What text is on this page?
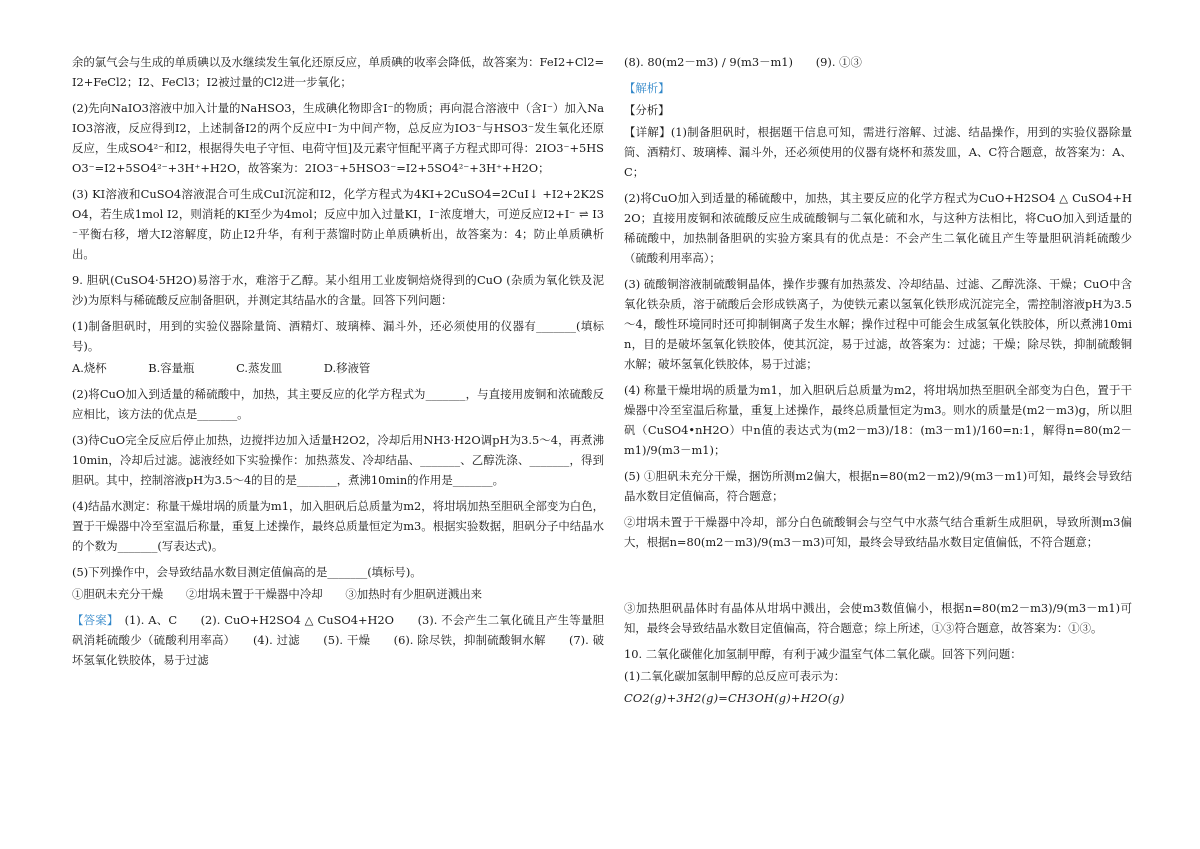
余的氯气会与生成的单质碘以及水继续发生氧化还原反应，单质碘的收率会降低，故答案为：FeI2+Cl2= I2+FeCl2；I2、FeCl3；I2被过量的Cl2进一步氧化；

(2)先向NaIO3溶液中加入计量的NaHSO3，生成碘化物即含I⁻的物质；再向混合溶液中（含I⁻）加入NaIO3溶液，反应得到I2，上述制备I2的两个反应中I⁻为中间产物，总反应为IO3⁻与HSO3⁻发生氧化还原反应，生成SO4²⁻和I2，根据得失电子守恒、电荷守恒]及元素守恒配平离子方程式即可得：2IO3⁻+5HSO3⁻=I2+5SO4²⁻+3H⁺+H2O，故答案为：2IO3⁻+5HSO3⁻=I2+5SO4²⁻+3H⁺+H2O；

(3) KI溶液和CuSO4溶液混合可生成CuI沉淀和I2，化学方程式为4KI+2CuSO4=2CuI↓ +I2+2K2SO4，若生成1mol I2，则消耗的KI至少为4mol；反应中加入过量KI，I⁻浓度增大，可逆反应I2+I⁻ ⇌ I3⁻平衡右移，增大I2溶解度，防止I2升华，有利于蒸馏时防止单质碘析出，故答案为：4；防止单质碘析出。

9. 胆矾(CuSO4·5H2O)易溶于水，难溶于乙醇。某小组用工业废铜焙烧得到的CuO (杂质为氧化铁及泥沙)为原料与稀硫酸反应制备胆矾，并测定其结晶水的含量。回答下列问题：

(1)制备胆矾时，用到的实验仪器除量筒、酒精灯、玻璃棒、漏斗外，还必须使用的仪器有_______(填标号)。

A.烧杯	B.容量瓶	C.蒸发皿	D.移液管

(2)将CuO加入到适量的稀硫酸中，加热，其主要反应的化学方程式为_______，与直接用废铜和浓硫酸反应相比，该方法的优点是_______。

(3)待CuO完全反应后停止加热，边搅拌边加入适量H2O2，冷却后用NH3·H2O调pH为3.5～4，再煮沸10min，冷却后过滤。滤液经如下实验操作：加热蒸发、冷却结晶、_______、乙醇洗涤、_______，得到胆矾。其中，控制溶液pH为3.5～4的目的是_______，煮沸10min的作用是_______。

(4)结晶水测定：称量干燥坩埚的质量为m1，加入胆矾后总质量为m2，将坩埚加热至胆矾全部变为白色，置于干燥器中冷至室温后称量，重复上述操作，最终总质量恒定为m3。根据实验数据，胆矾分子中结晶水的个数为_______(写表达式)。

(5)下列操作中，会导致结晶水数目测定值偏高的是_______(填标号)。

①胆矾未充分干燥　　②坩埚未置于干燥器中冷却　　③加热时有少胆矾迸溅出来

【答案】 (1). A、C　　(2). CuO+H2SO4 △ CuSO4+H2O　　(3). 不会产生二氧化硫且产生等量胆矾消耗硫酸少（硫酸利用率高）　　(4). 过滤　　(5). 干燥　　(6). 除尽铁，抑制硫酸铜水解　　(7). 破坏氢氧化铁胶体，易于过滤

(8). 80(m2－m3) / 9(m3－m1)　　(9). ①③

【解析】

【分析】

【详解】(1)制备胆矾时，根据题干信息可知，需进行溶解、过滤、结晶操作，用到的实验仪器除量筒、酒精灯、玻璃棒、漏斗外，还必须使用的仪器有烧杯和蒸发皿，A、C符合题意，故答案为：A、C；

(2)将CuO加入到适量的稀硫酸中，加热，其主要反应的化学方程式为CuO+H2SO4 △ CuSO4+H2O；直接用废铜和浓硫酸反应生成硫酸铜与二氧化硫和水，与这种方法相比，将CuO加入到适量的稀硫酸中，加热制备胆矾的实验方案具有的优点是：不会产生二氧化硫且产生等量胆矾消耗硫酸少（硫酸利用率高）；

(3) 硫酸铜溶液制硫酸铜晶体，操作步骤有加热蒸发、冷却结晶、过滤、乙醇洗涤、干燥；CuO中含氧化铁杂质，溶于硫酸后会形成铁离子，为使铁元素以氢氧化铁形成沉淀完全，需控制溶液pH为3.5～4，酸性环境同时还可抑制铜离子发生水解；操作过程中可能会生成氢氧化铁胶体，所以煮沸10min，目的是破坏氢氧化铁胶体，使其沉淀，易于过滤，故答案为：过滤；干燥；除尽铁，抑制硫酸铜水解；破坏氢氧化铁胶体，易于过滤；

(4) 称量干燥坩埚的质量为m1，加入胆矾后总质量为m2，将坩埚加热至胆矾全部变为白色，置于干燥器中冷至室温后称量，重复上述操作，最终总质量恒定为m3。则水的质量是(m2－m3)g，所以胆矾（CuSO4•nH2O）中n值的表达式为(m2－m3)/18：(m3－m1)/160=n:1，解得n=80(m2－m1)/9(m3－m1)；

(5) ①胆矾未充分干燥，捆饬所测m2偏大，根据n=80(m2－m2)/9(m3－m1)可知，最终会导致结晶水数目定值偏高，符合题意；

②坩埚未置于干燥器中冷却，部分白色硫酸铜会与空气中水蒸气结合重新生成胆矾，导致所测m3偏大，根据n=80(m2－m3)/9(m3－m3)可知，最终会导致结晶水数目定值偏低，不符合题意；

③加热胆矾晶体时有晶体从坩埚中溅出，会使m3数值偏小，根据n=80(m2－m3)/9(m3－m1)可知，最终会导致结晶水数目定值偏高，符合题意；综上所述，①③符合题意，故答案为：①③。

10. 二氧化碳催化加氢制甲醇，有利于减少温室气体二氧化碳。回答下列问题：

(1)二氧化碳加氢制甲醇的总反应可表示为：

CO2(g)+3H2(g)=CH3OH(g)+H2O(g)
